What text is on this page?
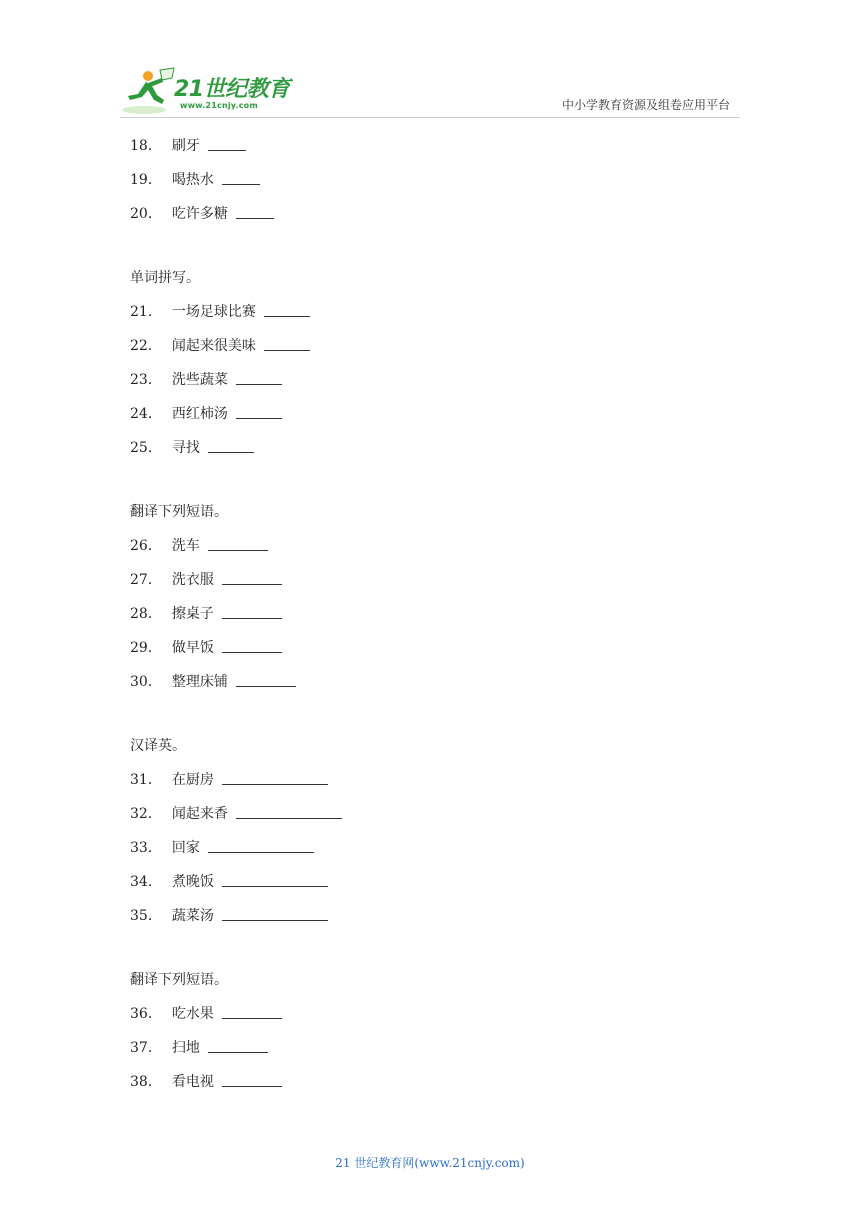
21世纪教育
www.21cnjy.com	中小学教育资源及组卷应用平台
18． 刷牙
19． 喝热水
20． 吃许多糖
单词拼写。
21． 一场足球比赛
22． 闻起来很美味
23． 洗些蔬菜
24． 西红柿汤
25． 寻找
翻译下列短语。
26． 洗车
27． 洗衣服
28． 擦桌子
29． 做早饭
30． 整理床铺
汉译英。
31． 在厨房
32． 闻起来香
33． 回家
34． 煮晚饭
35． 蔬菜汤
翻译下列短语。
36． 吃水果
37． 扫地
38． 看电视
21 世纪教育网(www.21cnjy.com)
